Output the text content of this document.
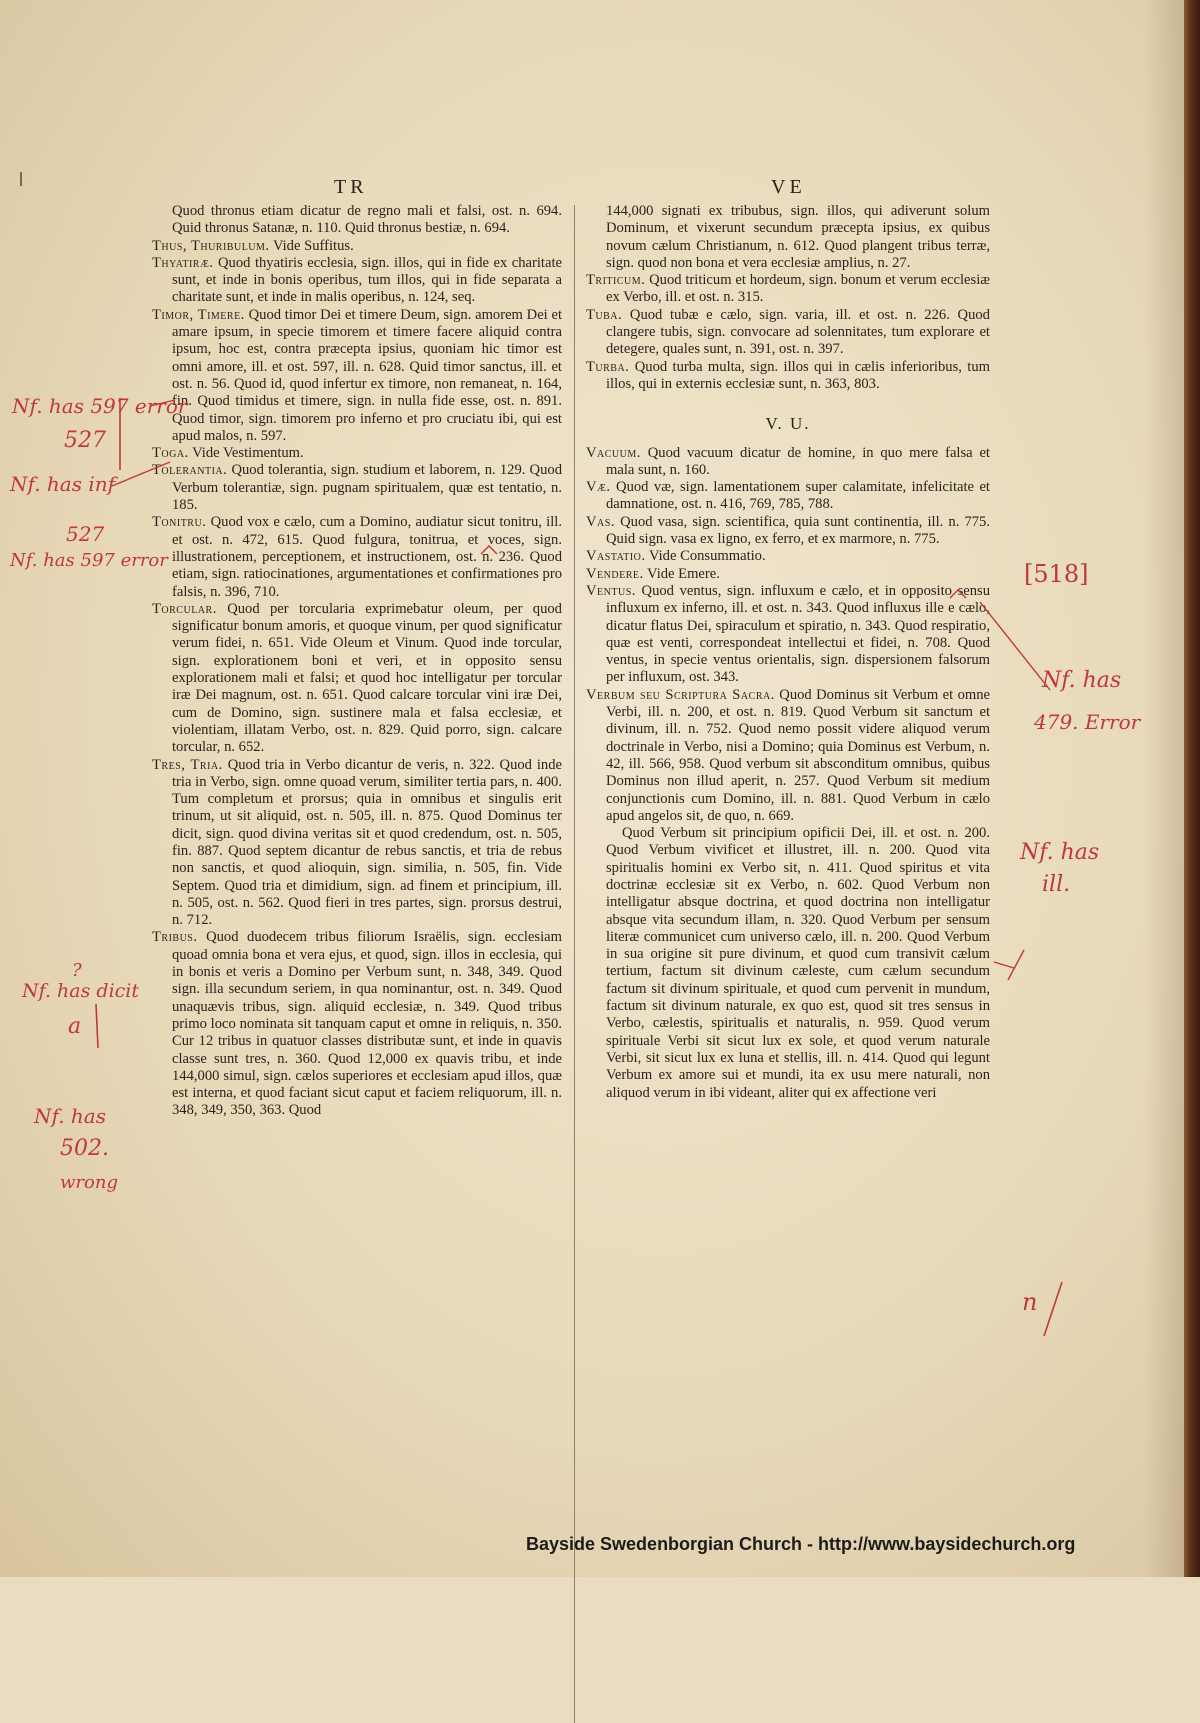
TR	VE

Quod thronus etiam dicatur de regno mali et falsi, ost. n. 694. Quid thronus Satanæ, n. 110. Quid thronus bestiæ, n. 694.

Thus, Thuribulum. Vide Suffitus.

Thyatiræ. Quod thyatiris ecclesia, sign. illos, qui in fide ex charitate sunt, et inde in bonis operibus, tum illos, qui in fide separata a charitate sunt, et inde in malis operibus, n. 124, seq.

Timor, Timere. Quod timor Dei et timere Deum, sign. amorem Dei et amare ipsum, in specie timorem et timere facere aliquid contra ipsum, hoc est, contra præcepta ipsius, quoniam hic timor est omni amore, ill. et ost. 597, ill. n. 628. Quid timor sanctus, ill. et ost. n. 56. Quod id, quod infertur ex timore, non remaneat, n. 164, fin. Quod timidus et timere, sign. in nulla fide esse, ost. n. 891. Quod timor, sign. timorem pro inferno et pro cruciatu ibi, qui est apud malos, n. 597.

Toga. Vide Vestimentum.

Tolerantia. Quod tolerantia, sign. studium et laborem, n. 129. Quod Verbum tolerantiæ, sign. pugnam spiritualem, quæ est tentatio, n. 185.

Tonitru. Quod vox e cælo, cum a Domino, audiatur sicut tonitru, ill. et ost. n. 472, 615. Quod fulgura, tonitrua, et voces, sign. illustrationem, perceptionem, et instructionem, ost. n. 236. Quod etiam, sign. ratiocinationes, argumentationes et confirmationes pro falsis, n. 396, 710.

Torcular. Quod per torcularia exprimebatur oleum, per quod significatur bonum amoris, et quoque vinum, per quod significatur verum fidei, n. 651. Vide Oleum et Vinum. Quod inde torcular, sign. explorationem boni et veri, et in opposito sensu explorationem mali et falsi; et quod hoc intelligatur per torcular iræ Dei magnum, ost. n. 651. Quod calcare torcular vini iræ Dei, cum de Domino, sign. sustinere mala et falsa ecclesiæ, et violentiam, illatam Verbo, ost. n. 829. Quid porro, sign. calcare torcular, n. 652.

Tres, Tria. Quod tria in Verbo dicantur de veris, n. 322. Quod inde tria in Verbo, sign. omne quoad verum, similiter tertia pars, n. 400. Tum completum et prorsus; quia in omnibus et singulis erit trinum, ut sit aliquid, ost. n. 505, ill. n. 875. Quod Dominus ter dicit, sign. quod divina veritas sit et quod credendum, ost. n. 505, fin. 887. Quod septem dicantur de rebus sanctis, et tria de rebus non sanctis, et quod alioquin, sign. similia, n. 505, fin. Vide Septem. Quod tria et dimidium, sign. ad finem et principium, ill. n. 505, ost. n. 562. Quod fieri in tres partes, sign. prorsus destrui, n. 712.

Tribus. Quod duodecem tribus filiorum Israëlis, sign. ecclesiam quoad omnia bona et vera ejus, et quod, sign. illos in ecclesia, qui in bonis et veris a Domino per Verbum sunt, n. 348, 349. Quod sign. illa secundum seriem, in qua nominantur, ost. n. 349. Quod unaquævis tribus, sign. aliquid ecclesiæ, n. 349. Quod tribus primo loco nominata sit tanquam caput et omne in reliquis, n. 350. Cur 12 tribus in quatuor classes distributæ sunt, et inde in quavis classe sunt tres, n. 360. Quod 12,000 ex quavis tribu, et inde 144,000 simul, sign. cælos superiores et ecclesiam apud illos, quæ est interna, et quod faciant sicut caput et faciem reliquorum, ill. n. 348, 349, 350, 363. Quod

144,000 signati ex tribubus, sign. illos, qui adiverunt solum Dominum, et vixerunt secundum præcepta ipsius, ex quibus novum cælum Christianum, n. 612. Quod plangent tribus terræ, sign. quod non bona et vera ecclesiæ amplius, n. 27.

Triticum. Quod triticum et hordeum, sign. bonum et verum ecclesiæ ex Verbo, ill. et ost. n. 315.

Tuba. Quod tubæ e cælo, sign. varia, ill. et ost. n. 226. Quod clangere tubis, sign. convocare ad solennitates, tum explorare et detegere, quales sunt, n. 391, ost. n. 397.

Turba. Quod turba multa, sign. illos qui in cælis inferioribus, tum illos, qui in externis ecclesiæ sunt, n. 363, 803.

V. U.

Vacuum. Quod vacuum dicatur de homine, in quo mere falsa et mala sunt, n. 160.

Væ. Quod væ, sign. lamentationem super calamitate, infelicitate et damnatione, ost. n. 416, 769, 785, 788.

Vas. Quod vasa, sign. scientifica, quia sunt continentia, ill. n. 775. Quid sign. vasa ex ligno, ex ferro, et ex marmore, n. 775.

Vastatio. Vide Consummatio.

Vendere. Vide Emere.

Ventus. Quod ventus, sign. influxum e cælo, et in opposito sensu influxum ex inferno, ill. et ost. n. 343. Quod influxus ille e cælo, dicatur flatus Dei, spiraculum et spiratio, n. 343. Quod respiratio, quæ est venti, correspondeat intellectui et fidei, n. 708. Quod ventus, in specie ventus orientalis, sign. dispersionem falsorum per influxum, ost. 343.

Verbum seu Scriptura Sacra. Quod Dominus sit Verbum et omne Verbi, ill. n. 200, et ost. n. 819. Quod Verbum sit sanctum et divinum, ill. n. 752. Quod nemo possit videre aliquod verum doctrinale in Verbo, nisi a Domino; quia Dominus est Verbum, n. 42, ill. 566, 958. Quod verbum sit absconditum omnibus, quibus Dominus non illud aperit, n. 257. Quod Verbum sit medium conjunctionis cum Domino, ill. n. 881. Quod Verbum in cælo apud angelos sit, de quo, n. 669.

Quod Verbum sit principium opificii Dei, ill. et ost. n. 200. Quod Verbum vivificet et illustret, ill. n. 200. Quod vita spiritualis homini ex Verbo sit, n. 411. Quod spiritus et vita doctrinæ ecclesiæ sit ex Verbo, n. 602. Quod Verbum non intelligatur absque doctrina, et quod doctrina non intelligatur absque vita secundum illam, n. 320. Quod Verbum per sensum literæ communicet cum universo cælo, ill. n. 200. Quod Verbum in sua origine sit pure divinum, et quod cum transivit cælum tertium, factum sit divinum cæleste, cum cælum secundum factum sit divinum spirituale, et quod cum pervenit in mundum, factum sit divinum naturale, ex quo est, quod sit tres sensus in Verbo, cælestis, spiritualis et naturalis, n. 959. Quod verum spirituale Verbi sit sicut lux ex sole, et quod verum naturale Verbi, sit sicut lux ex luna et stellis, ill. n. 414. Quod qui legunt Verbum ex amore sui et mundi, ita ex usu mere naturali, non aliquod verum in ibi videant, aliter qui ex affectione veri

Nf. has 597 error
527
Nf. has inf
527
Nf. has 597 error
?
Nf. has dicit
a
Nf. has
502.
wrong
[518]
Nf. has
479. Error
Nf. has
ill.
n
Bayside Swedenborgian Church - http://www.baysidechurch.org
